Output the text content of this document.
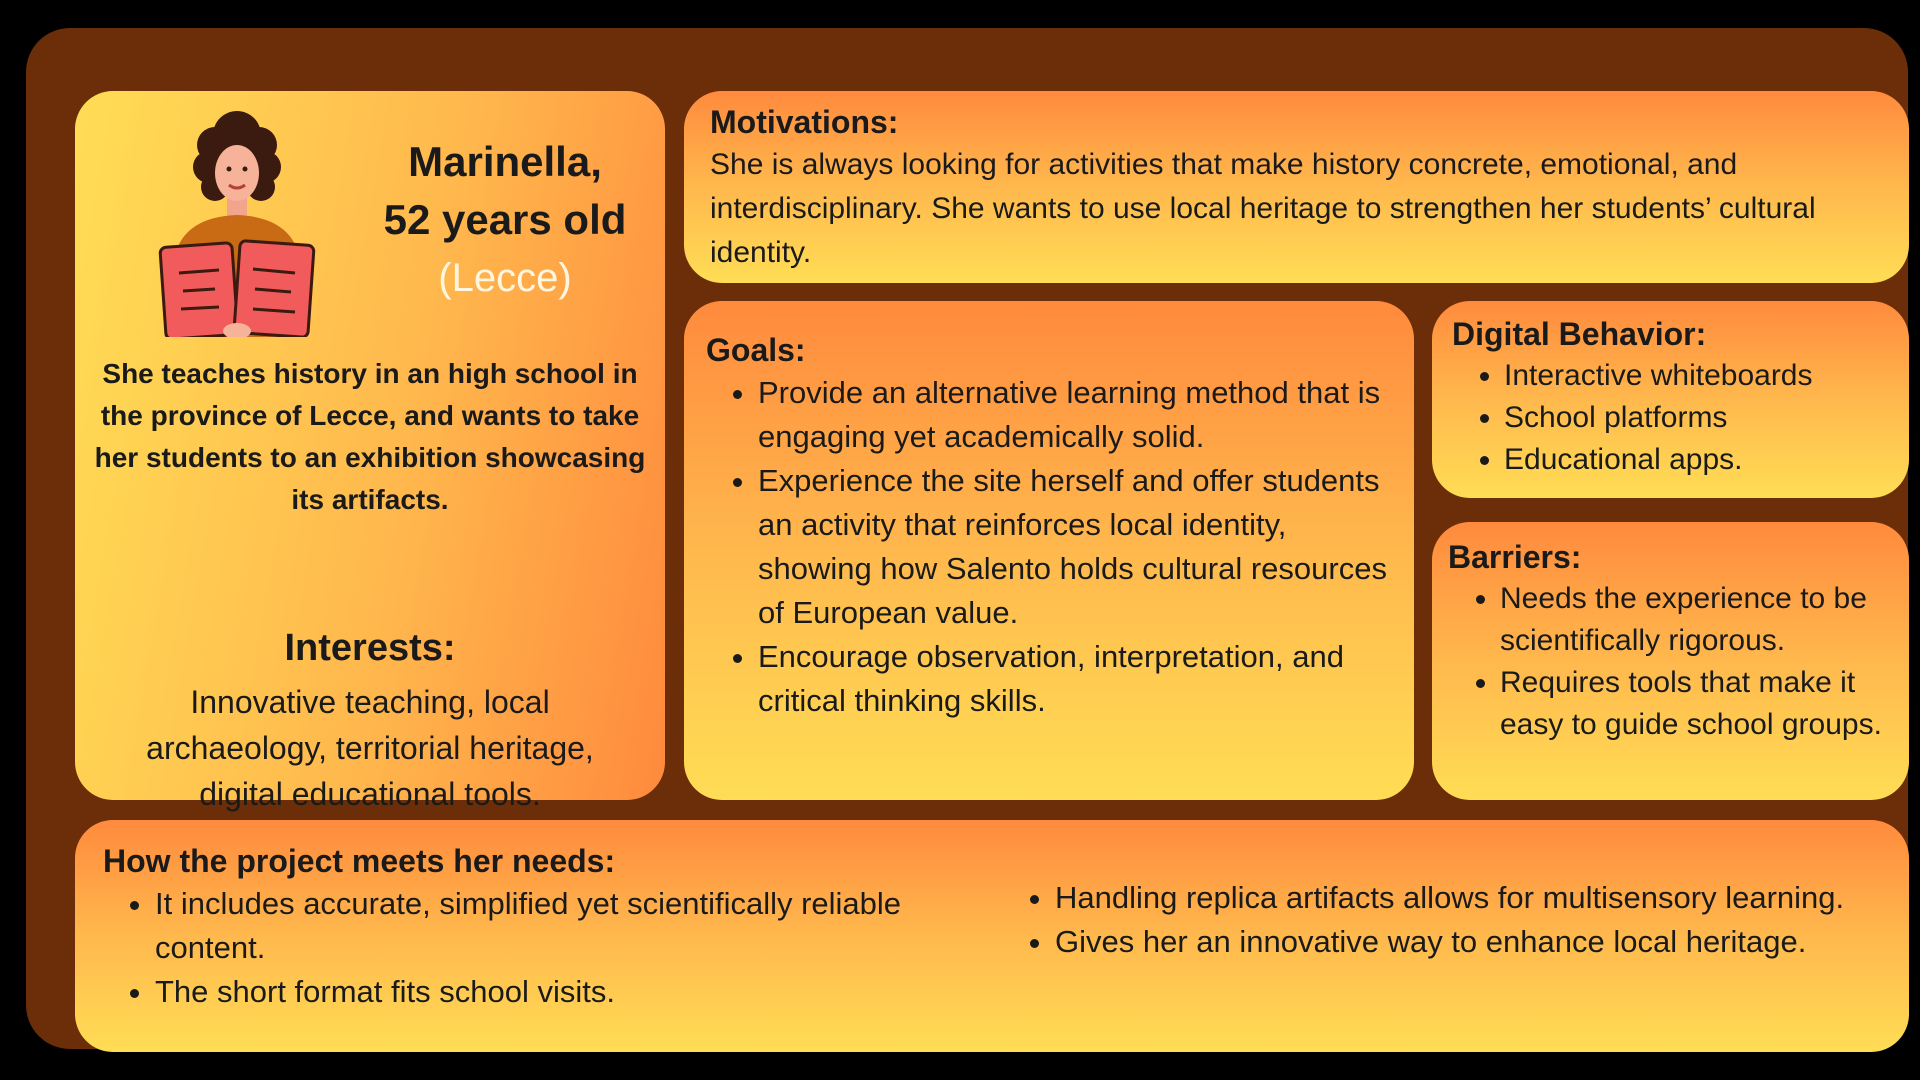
Marinella,
52 years old
(Lecce)
She teaches history in an high school in the province of Lecce, and wants to take her students to an exhibition showcasing its artifacts.
Interests:
Innovative teaching, local archaeology, territorial heritage, digital educational tools.
Motivations:
She is always looking for activities that make history concrete, emotional, and interdisciplinary. She wants to use local heritage to strengthen her students’ cultural identity.
Goals:
• Provide an alternative learning method that is engaging yet academically solid.
• Experience the site herself and offer students an activity that reinforces local identity, showing how Salento holds cultural resources of European value.
• Encourage observation, interpretation, and critical thinking skills.
Digital Behavior:
• Interactive whiteboards
• School platforms
• Educational apps.
Barriers:
• Needs the experience to be scientifically rigorous.
• Requires tools that make it easy to guide school groups.
How the project meets her needs:
• It includes accurate, simplified yet scientifically reliable content.
• The short format fits school visits.
• Handling replica artifacts allows for multisensory learning.
• Gives her an innovative way to enhance local heritage.
